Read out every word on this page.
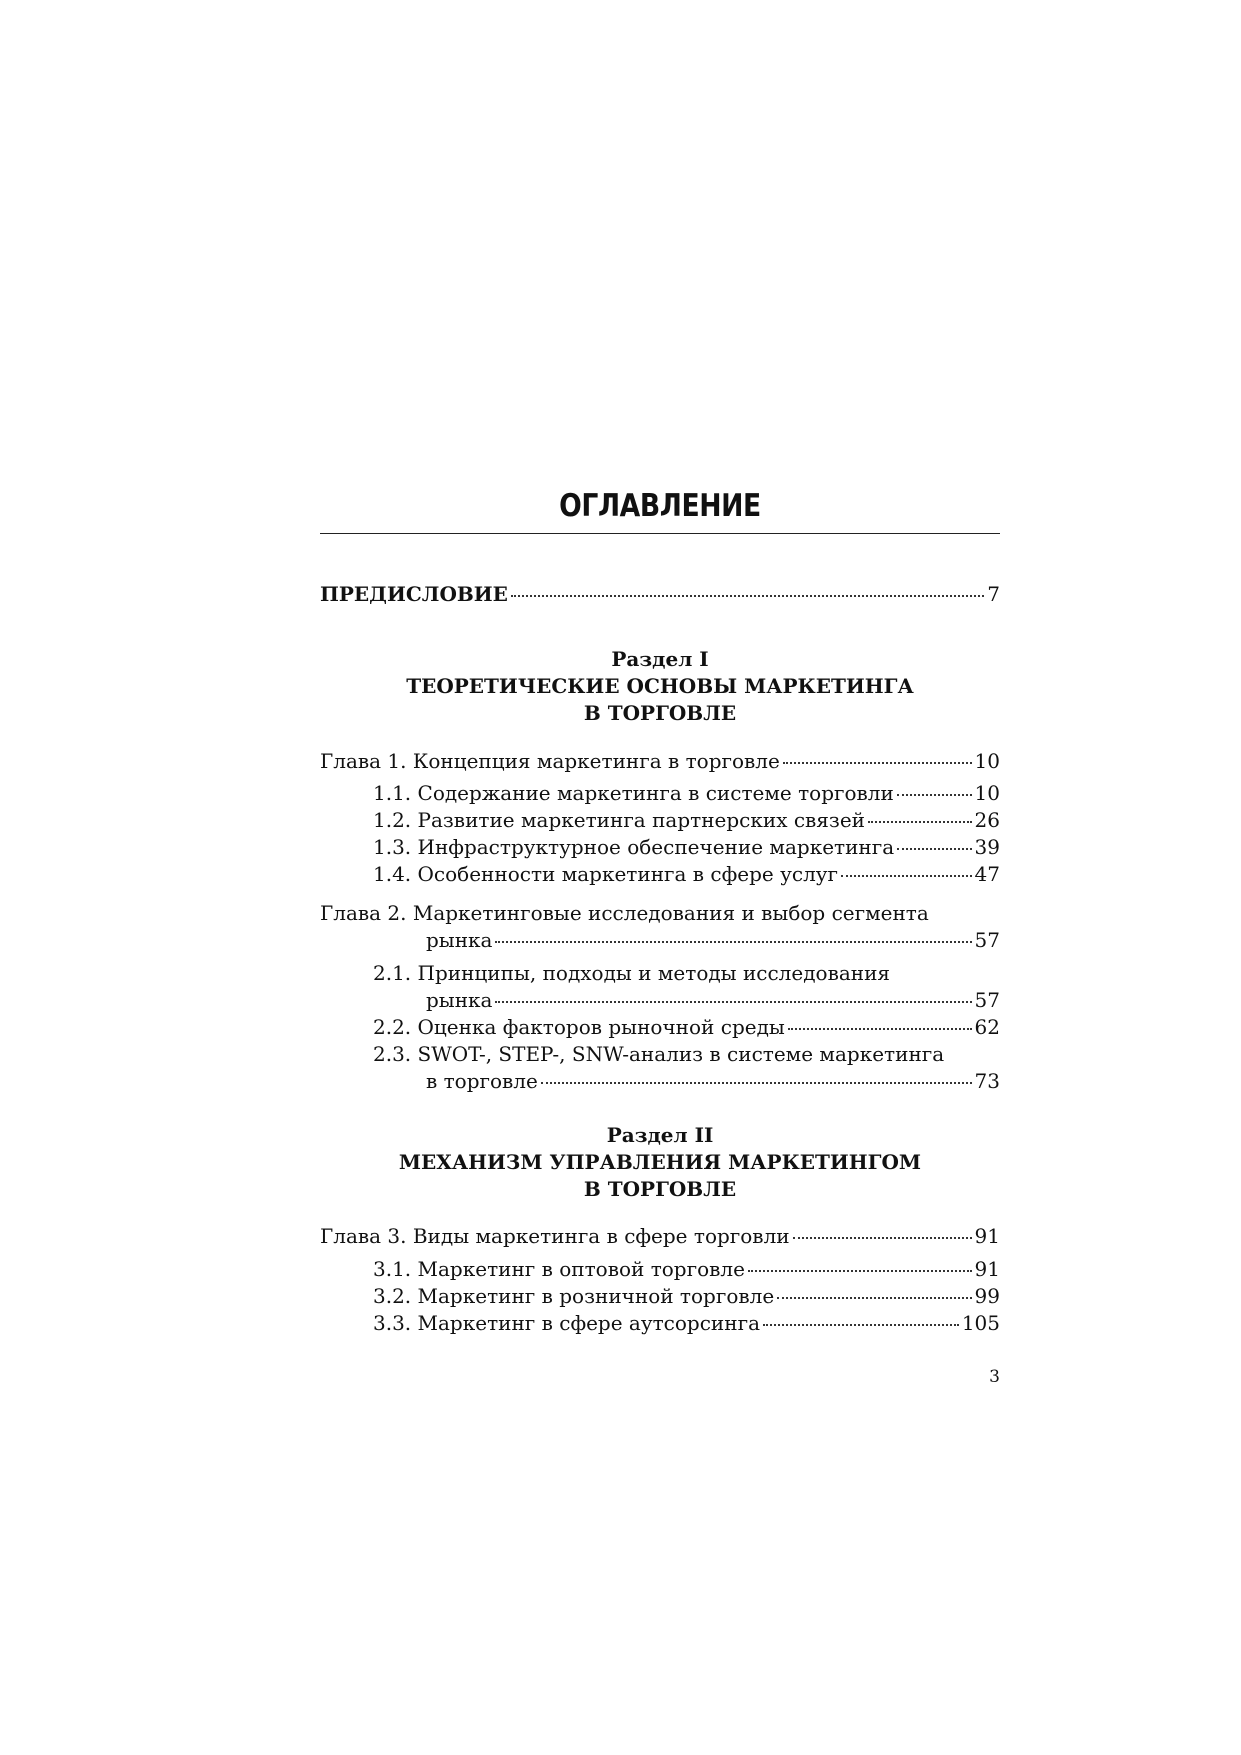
ОГЛАВЛЕНИЕ
ПРЕДИСЛОВИЕ	7
Раздел I
ТЕОРЕТИЧЕСКИЕ ОСНОВЫ МАРКЕТИНГА
В ТОРГОВЛЕ
Глава 1. Концепция маркетинга в торговле	10
1.1. Содержание маркетинга в системе торговли	10
1.2. Развитие маркетинга партнерских связей	26
1.3. Инфраструктурное обеспечение маркетинга	39
1.4. Особенности маркетинга в сфере услуг	47
Глава 2. Маркетинговые исследования и выбор сегмента
рынка	57
2.1. Принципы, подходы и методы исследования
рынка	57
2.2. Оценка факторов рыночной среды	62
2.3. SWOT-, STEP-, SNW-анализ в системе маркетинга
в торговле	73
Раздел II
МЕХАНИЗМ УПРАВЛЕНИЯ МАРКЕТИНГОМ
В ТОРГОВЛЕ
Глава 3. Виды маркетинга в сфере торговли	91
3.1. Маркетинг в оптовой торговле	91
3.2. Маркетинг в розничной торговле	99
3.3. Маркетинг в сфере аутсорсинга	105
3
